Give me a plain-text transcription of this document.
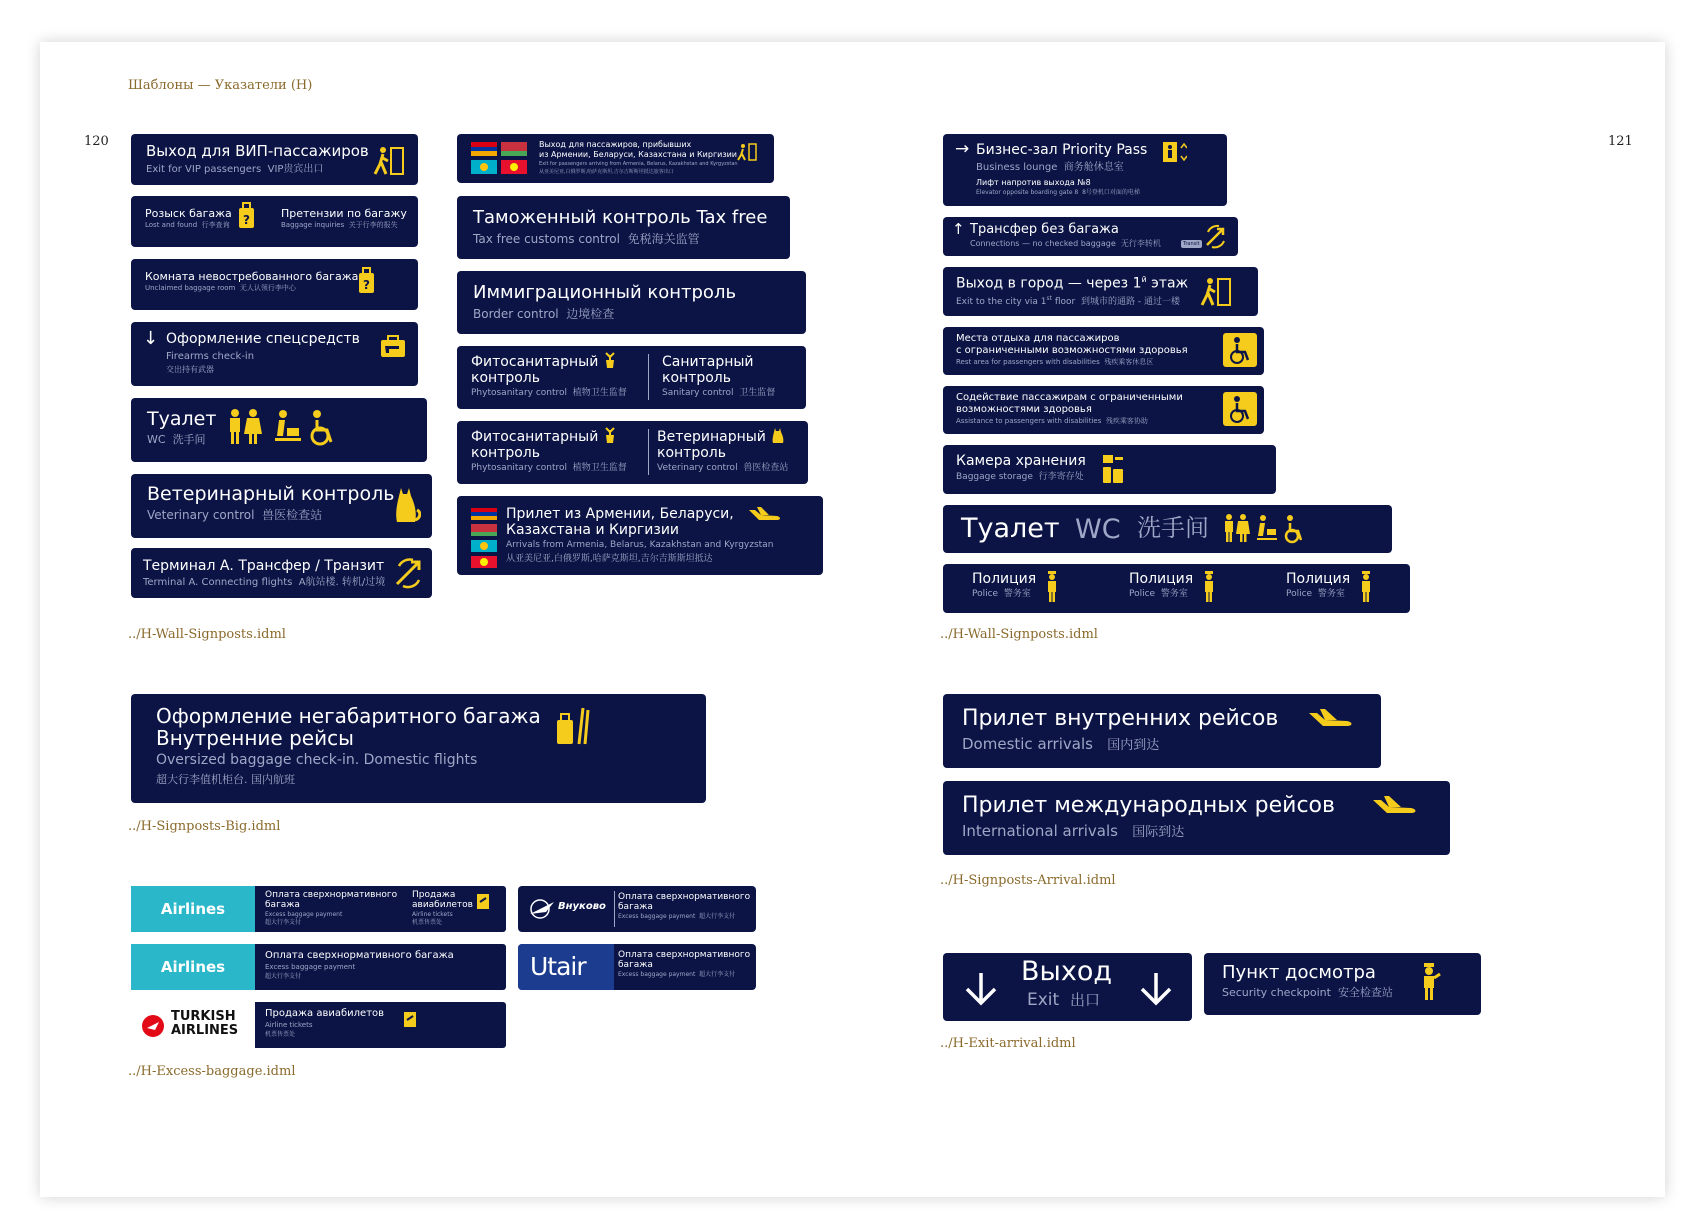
Шаблоны — Указатели (Н)
120	121
Выход для ВИП-пассажиров
Exit for VIP passengers VIP贵宾出口
Розыск багажа
Lost and found 行李查询 ?	Претензии по багажу
Baggage inquiries 关于行李的报失
Комната невостребованного багажа
Unclaimed baggage room 无人认领行李中心	?
↓ Оформление спецсредств
Firearms check-in
交出持有武器
Туалет
WC 洗手间
Ветеринарный контроль
Veterinary control 兽医检查站
Терминал А. Трансфер / Транзит
Terminal A. Connecting flights A航站楼. 转机/过境
../H-Wall-Signposts.idml
Выход для пассажиров, прибывших
из Армении, Беларуси, Казахстана и Киргизии
Exit for passengers arriving from Armenia, Belarus, Kazakhstan and Kyrgyzstan
从亚美尼亚,白俄罗斯,哈萨克斯坦,吉尔吉斯斯坦抵达旅客出口
Таможенный контроль Tax free
Tax free customs control 免税海关监管
Иммиграционный контроль
Border control 边境检查
Фитосанитарный
контроль
Phytosanitary control 植物卫生监督
Санитарный
контроль
Sanitary control 卫生监督
Фитосанитарный
контроль
Phytosanitary control 植物卫生监督
Ветеринарный
контроль
Veterinary control 兽医检查站
Прилет из Армении, Беларуси,
Казахстана и Киргизии
Arrivals from Armenia, Belarus, Kazakhstan and Kyrgyzstan
从亚美尼亚,白俄罗斯,哈萨克斯坦,吉尔吉斯斯坦抵达
Оформление негабаритного багажа
Внутренние рейсы
Oversized baggage check-in. Domestic flights
超大行李值机柜台. 国内航班
../H-Signposts-Big.idml
Airlines
Оплата сверхнормативного
багажа
Excess baggage payment
超大行李支付
Продажа
авиабилетов
Airline tickets
机票售票处
Airlines
Оплата сверхнормативного багажа
Excess baggage payment
超大行李支付
TURKISH
AIRLINES
Продажа авиабилетов
Airline tickets
机票售票处
Внуково
Оплата сверхнормативного
багажа
Excess baggage payment 超大行李支付
Utair	Оплата сверхнормативного
багажа
Excess baggage payment 超大行李支付
../H-Excess-baggage.idml
→ Бизнес-зал Priority Pass
Business lounge 商务舱休息室
Лифт напротив выхода №8
Elevator opposite boarding gate 8 8号登机口对面的电梯
↑ Трансфер без багажа
Connections — no checked baggage 无行李转机	Transit
Выход в город — через $1^й$ этаж
Exit to the city via 1st floor 到城市的通路 - 通过一楼
Места отдыха для пассажиров
с ограниченными возможностями здоровья
Rest area for passengers with disabilities 残疾乘客休息区
Содействие пассажирам с ограниченными
возможностями здоровья
Assistance to passengers with disabilities 残疾乘客协助
Камера хранения
Baggage storage 行李寄存处
Туалет WC 洗手间
Полиция
Police 警务室
Полиция
Police 警务室
Полиция
Police 警务室
../H-Wall-Signposts.idml
Прилет внутренних рейсов
Domestic arrivals 国内到达
Прилет международных рейсов
International arrivals 国际到达
../H-Signposts-Arrival.idml
Выход
Exit 出口
Пункт досмотра
Security checkpoint 安全检查站
../H-Exit-arrival.idml
